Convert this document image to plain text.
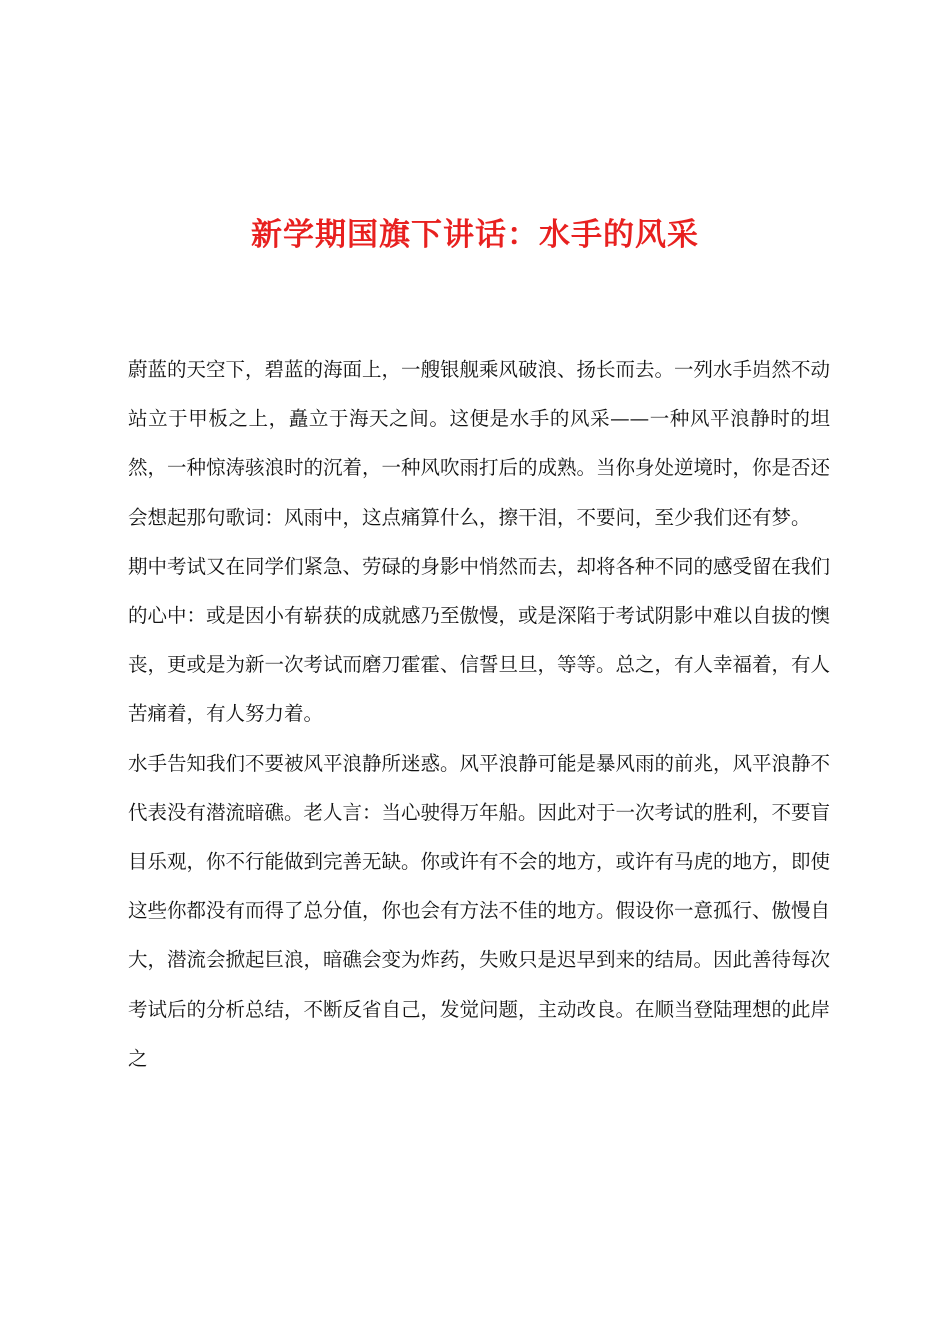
新学期国旗下讲话：水手的风采

蔚蓝的天空下，碧蓝的海面上，一艘银舰乘风破浪、扬长而去。一列水手岿然不动站立于甲板之上，矗立于海天之间。这便是水手的风采——一种风平浪静时的坦然，一种惊涛骇浪时的沉着，一种风吹雨打后的成熟。当你身处逆境时，你是否还会想起那句歌词：风雨中，这点痛算什么，擦干泪，不要问，至少我们还有梦。

期中考试又在同学们紧急、劳碌的身影中悄然而去，却将各种不同的感受留在我们的心中：或是因小有崭获的成就感乃至傲慢，或是深陷于考试阴影中难以自拔的懊丧，更或是为新一次考试而磨刀霍霍、信誓旦旦，等等。总之，有人幸福着，有人苦痛着，有人努力着。

水手告知我们不要被风平浪静所迷惑。风平浪静可能是暴风雨的前兆，风平浪静不代表没有潜流暗礁。老人言：当心驶得万年船。因此对于一次考试的胜利，不要盲目乐观，你不行能做到完善无缺。你或许有不会的地方，或许有马虎的地方，即使这些你都没有而得了总分值，你也会有方法不佳的地方。假设你一意孤行、傲慢自大，潜流会掀起巨浪，暗礁会变为炸药，失败只是迟早到来的结局。因此善待每次考试后的分析总结，不断反省自己，发觉问题，主动改良。在顺当登陆理想的此岸之
